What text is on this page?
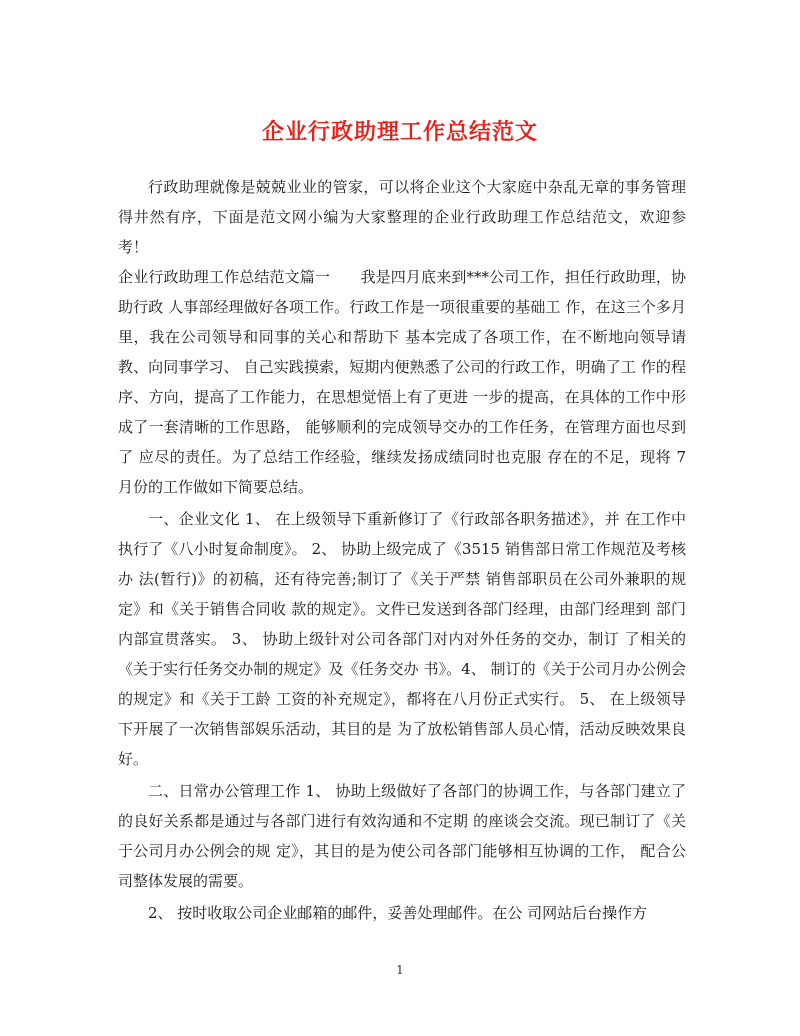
企业行政助理工作总结范文

行政助理就像是兢兢业业的管家，可以将企业这个大家庭中杂乱无章的事务管理得井然有序，下面是范文网小编为大家整理的企业行政助理工作总结范文，欢迎参考！

企业行政助理工作总结范文篇一　　我是四月底来到***公司工作，担任行政助理，协助行政 人事部经理做好各项工作。行政工作是一项很重要的基础工 作，在这三个多月里，我在公司领导和同事的关心和帮助下 基本完成了各项工作，在不断地向领导请教、向同事学习、 自己实践摸索，短期内便熟悉了公司的行政工作，明确了工 作的程序、方向，提高了工作能力，在思想觉悟上有了更进 一步的提高，在具体的工作中形成了一套清晰的工作思路， 能够顺利的完成领导交办的工作任务，在管理方面也尽到了 应尽的责任。为了总结工作经验，继续发扬成绩同时也克服 存在的不足，现将 7 月份的工作做如下简要总结。

一、企业文化 1、 在上级领导下重新修订了《行政部各职务描述》，并 在工作中执行了《八小时复命制度》。 2、 协助上级完成了《3515 销售部日常工作规范及考核办 法(暂行)》的初稿，还有待完善;制订了《关于严禁 销售部职员在公司外兼职的规定》和《关于销售合同收 款的规定》。文件已发送到各部门经理，由部门经理到 部门内部宣贯落实。 3、 协助上级针对公司各部门对内对外任务的交办，制订 了相关的《关于实行任务交办制的规定》及《任务交办 书》。4、 制订的《关于公司月办公例会的规定》和《关于工龄 工资的补充规定》，都将在八月份正式实行。 5、 在上级领导下开展了一次销售部娱乐活动，其目的是 为了放松销售部人员心情，活动反映效果良好。

二、日常办公管理工作 1、 协助上级做好了各部门的协调工作，与各部门建立了 的良好关系都是通过与各部门进行有效沟通和不定期 的座谈会交流。现已制订了《关于公司月办公例会的规 定》，其目的是为使公司各部门能够相互协调的工作， 配合公司整体发展的需要。

2、 按时收取公司企业邮箱的邮件，妥善处理邮件。在公 司网站后台操作方

1
